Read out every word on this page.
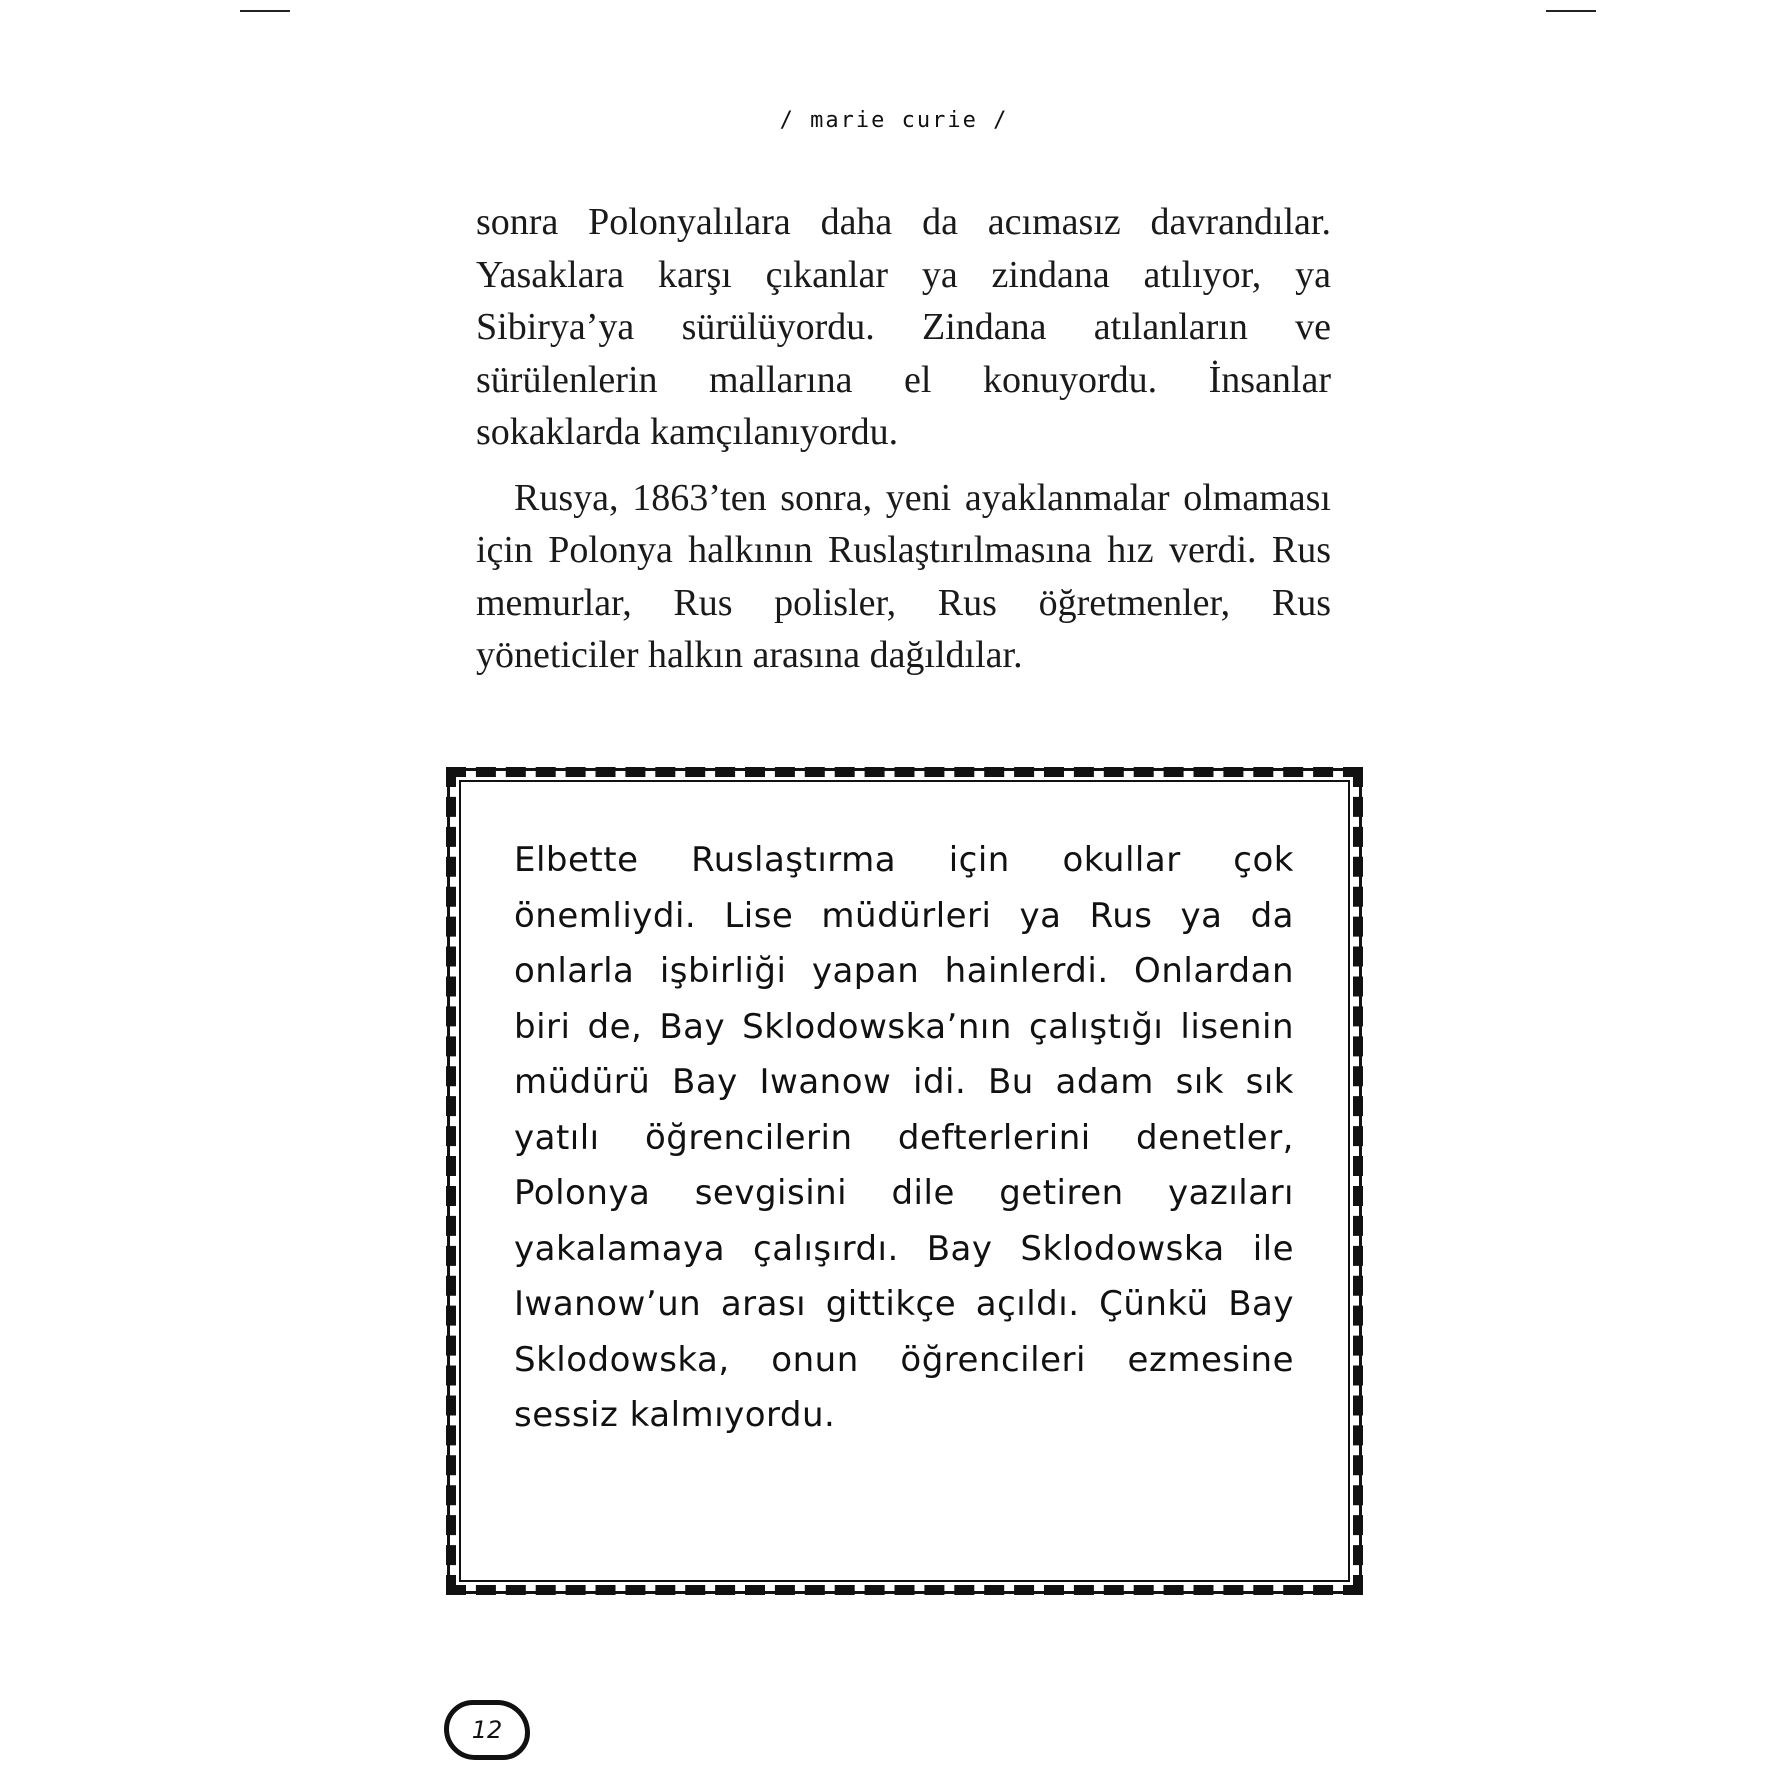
/ marie curie /

sonra Polonyalılara daha da acımasız davrandılar. Yasaklara karşı çıkanlar ya zindana atılıyor, ya Sibirya’ya sürülüyordu. Zindana atılanların ve sürülenlerin mallarına el konuyordu. İnsanlar sokaklarda kamçılanıyordu.

Rusya, 1863’ten sonra, yeni ayaklanmalar olmaması için Polonya halkının Ruslaştırılmasına hız verdi. Rus memurlar, Rus polisler, Rus öğretmenler, Rus yöneticiler halkın arasına dağıldılar.

Elbette Ruslaştırma için okullar çok önemliydi. Lise müdürleri ya Rus ya da onlarla işbirliği yapan hainlerdi. Onlardan biri de, Bay Sklodowska’nın çalıştığı lisenin müdürü Bay Iwanow idi. Bu adam sık sık yatılı öğrencilerin defterlerini denetler, Polonya sevgisini dile getiren yazıları yakalamaya çalışırdı. Bay Sklodowska ile Iwanow’un arası gittikçe açıldı. Çünkü Bay Sklodowska, onun öğrencileri ezmesine sessiz kalmıyordu.
12
